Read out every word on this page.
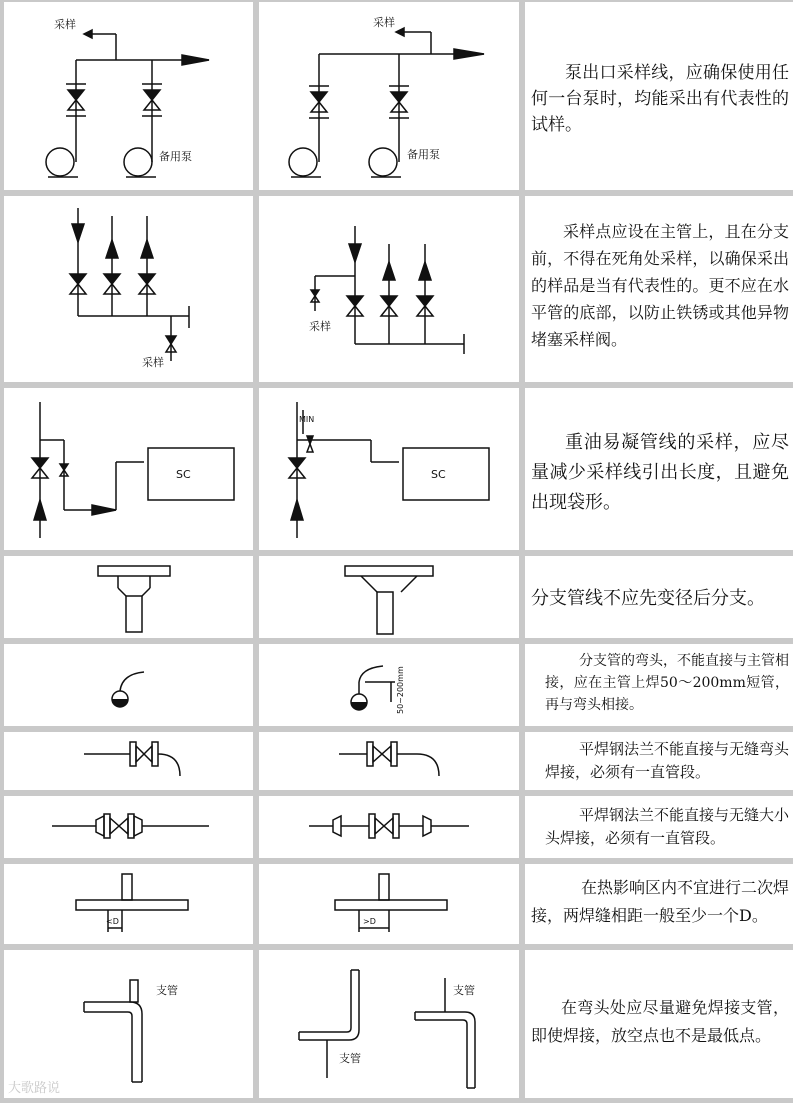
采样
备用泵
采样
备用泵
泵出口采样线，应确保使用任何一台泵时，均能采出有代表性的试样。
采样
采样
采样点应设在主管上，且在分支前，不得在死角处采样，以确保采出的样品是当有代表性的。更不应在水平管的底部，以防止铁锈或其他异物堵塞采样阀。
SC
MIN
SC
重油易凝管线的采样，应尽量减少采样线引出长度，且避免出现袋形。
分支管线不应先变径后分支。
50~200mm
分支管的弯头，不能直接与主管相接，应在主管上焊50～200mm短管，再与弯头相接。
平焊钢法兰不能直接与无缝弯头焊接，必须有一直管段。
平焊钢法兰不能直接与无缝大小头焊接，必须有一直管段。
<D	>D
在热影响区内不宜进行二次焊接，两焊缝相距一般至少一个D。
支管
支管
支管
在弯头处应尽量避免焊接支管，即使焊接，放空点也不是最低点。
大歌路说
